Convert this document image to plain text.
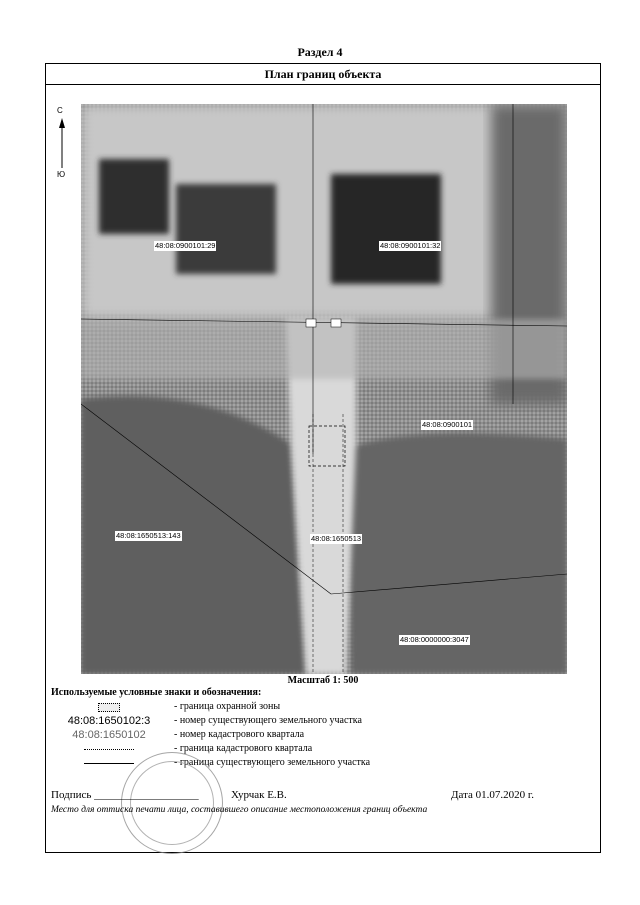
Раздел 4
План границ объекта
С
Ю
48:08:0900101:29	48:08:0900101:32
48:08:0900101
48:08:1650513:143	48:08:1650513
48:08:0000000:3047
Масштаб 1: 500
Используемые условные знаки и обозначения:
- граница охранной зоны
48:08:1650102:3	- номер существующего земельного участка
48:08:1650102	- номер кадастрового квартала
- граница кадастрового квартала
- граница существующего земельного участка
Подпись ___________________	Хурчак Е.В.	Дата 01.07.2020 г.
Место для оттиска печати лица, составившего описание местоположения границ объекта
